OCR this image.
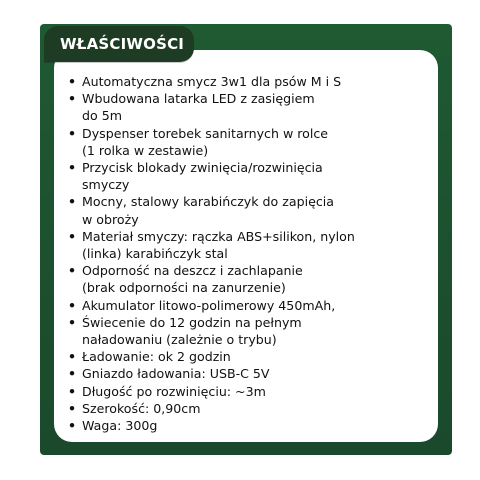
WŁAŚCIWOŚCI
• Automatyczna smycz 3w1 dla psów M i S
• Wbudowana latarka LED z zasięgiem
do 5m
• Dyspenser torebek sanitarnych w rolce
(1 rolka w zestawie)
• Przycisk blokady zwinięcia/rozwinięcia
smyczy
• Mocny, stalowy karabińczyk do zapięcia
w obroży
• Materiał smyczy: rączka ABS+silikon, nylon
(linka) karabińczyk stal
• Odporność na deszcz i zachlapanie
(brak odporności na zanurzenie)
• Akumulator litowo-polimerowy 450mAh,
• Świecenie do 12 godzin na pełnym
naładowaniu (zależnie o trybu)
• Ładowanie: ok 2 godzin
• Gniazdo ładowania: USB-C 5V
• Długość po rozwinięciu: ~3m
• Szerokość: 0,90cm
• Waga: 300g
